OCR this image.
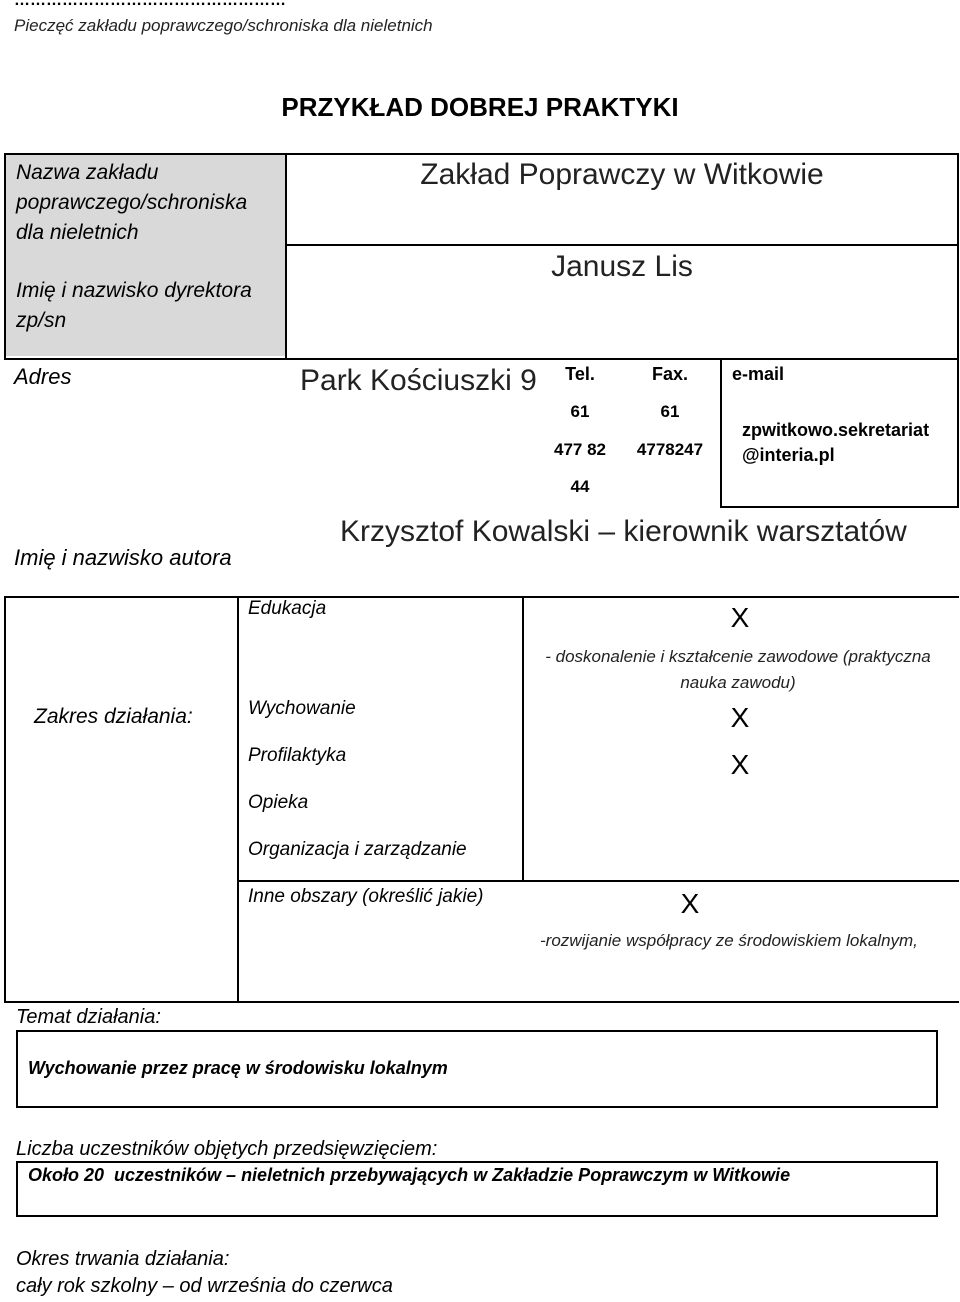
……………………………………………
Pieczęć zakładu poprawczego/schroniska dla nieletnich
PRZYKŁAD DOBREJ PRAKTYKI
Nazwa zakładu poprawczego/schroniska dla nieletnich
Zakład Poprawczy w Witkowie
Imię i nazwisko dyrektora zp/sn
Janusz Lis
Adres	Park Kościuszki 9	Tel.
61
477 82
44
Fax.
61
4778247
e-mail
zpwitkowo.sekretariat
@interia.pl
Imię i nazwisko autora
Krzysztof Kowalski – kierownik warsztatów
Zakres działania:
Edukacja
Wychowanie
Profilaktyka
Opieka
Organizacja i zarządzanie
Inne obszary (określić jakie)
X
- doskonalenie i kształcenie zawodowe (praktyczna nauka zawodu)
X
X
X
-rozwijanie współpracy ze środowiskiem lokalnym,
Temat działania:
Wychowanie przez pracę w środowisku lokalnym
Liczba uczestników objętych przedsięwzięciem:
Około 20  uczestników – nieletnich przebywających w Zakładzie Poprawczym w Witkowie
Okres trwania działania:
cały rok szkolny – od września do czerwca
